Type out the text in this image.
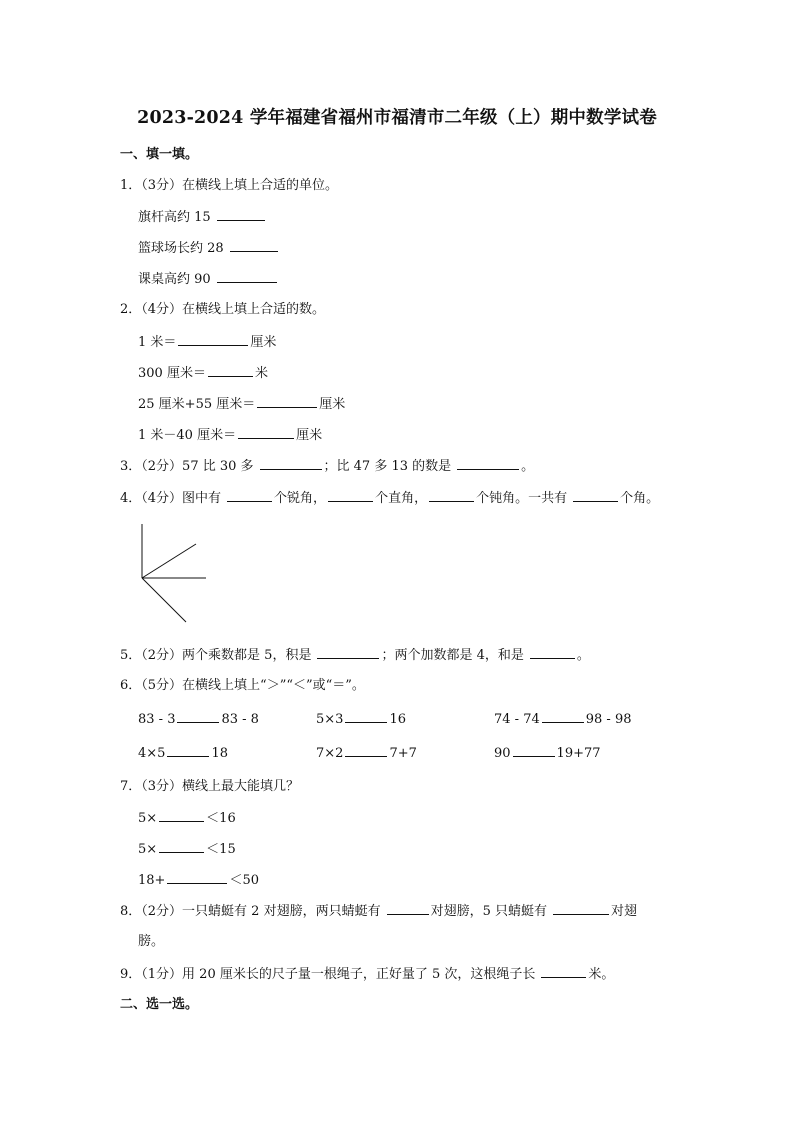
2023-2024 学年福建省福州市福清市二年级（上）期中数学试卷
一、填一填。
1．（3分）在横线上填上合适的单位。
旗杆高约 15
篮球场长约 28
课桌高约 90
2．（4分）在横线上填上合适的数。
1 米＝	厘米
300 厘米＝	米
25 厘米+55 厘米＝	厘米
1 米－40 厘米＝	厘米
3．（2分）57 比 30 多	；比 47 多 13 的数是	。
4．（4分）图中有	个锐角，	个直角，	个钝角。一共有	个角。
5．（2分）两个乘数都是 5，积是	；两个加数都是 4，和是	。
6．（5分）在横线上填上“＞”“＜”或“＝”。
83 - 3	83 - 8	5×3	16	74 - 74	98 - 98
4×5	18	7×2	7+7	90	19+77
7．（3分）横线上最大能填几？
5×	＜16
5×	＜15
18+	＜50
8．（2分）一只蜻蜓有 2 对翅膀，两只蜻蜓有	对翅膀，5 只蜻蜓有	对翅
膀。
9．（1分）用 20 厘米长的尺子量一根绳子，正好量了 5 次，这根绳子长	米。
二、选一选。
